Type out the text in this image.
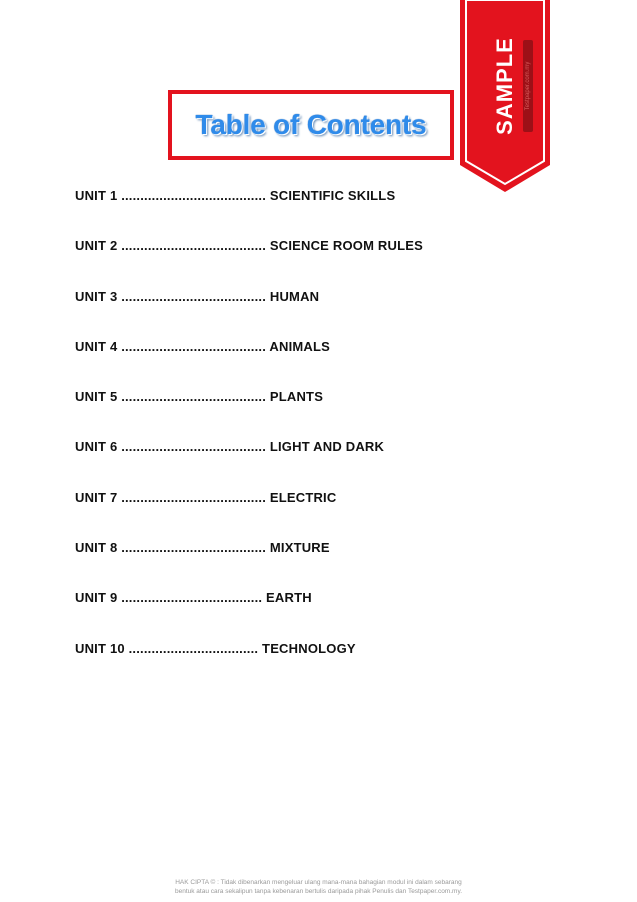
Table of Contents	SAMPLE	Testpaper.com.my
UNIT 1 ...................................... SCIENTIFIC SKILLS
UNIT 2 ...................................... SCIENCE ROOM RULES
UNIT 3 ...................................... HUMAN
UNIT 4 ...................................... ANIMALS
UNIT 5 ...................................... PLANTS
UNIT 6 ...................................... LIGHT AND DARK
UNIT 7 ...................................... ELECTRIC
UNIT 8 ...................................... MIXTURE
UNIT 9 ..................................... EARTH
UNIT 10 .................................. TECHNOLOGY
HAK CIPTA © : Tidak dibenarkan mengeluar ulang mana-mana bahagian modul ini dalam sebarang
bentuk atau cara sekalipun tanpa kebenaran bertulis daripada pihak Penulis dan Testpaper.com.my.
